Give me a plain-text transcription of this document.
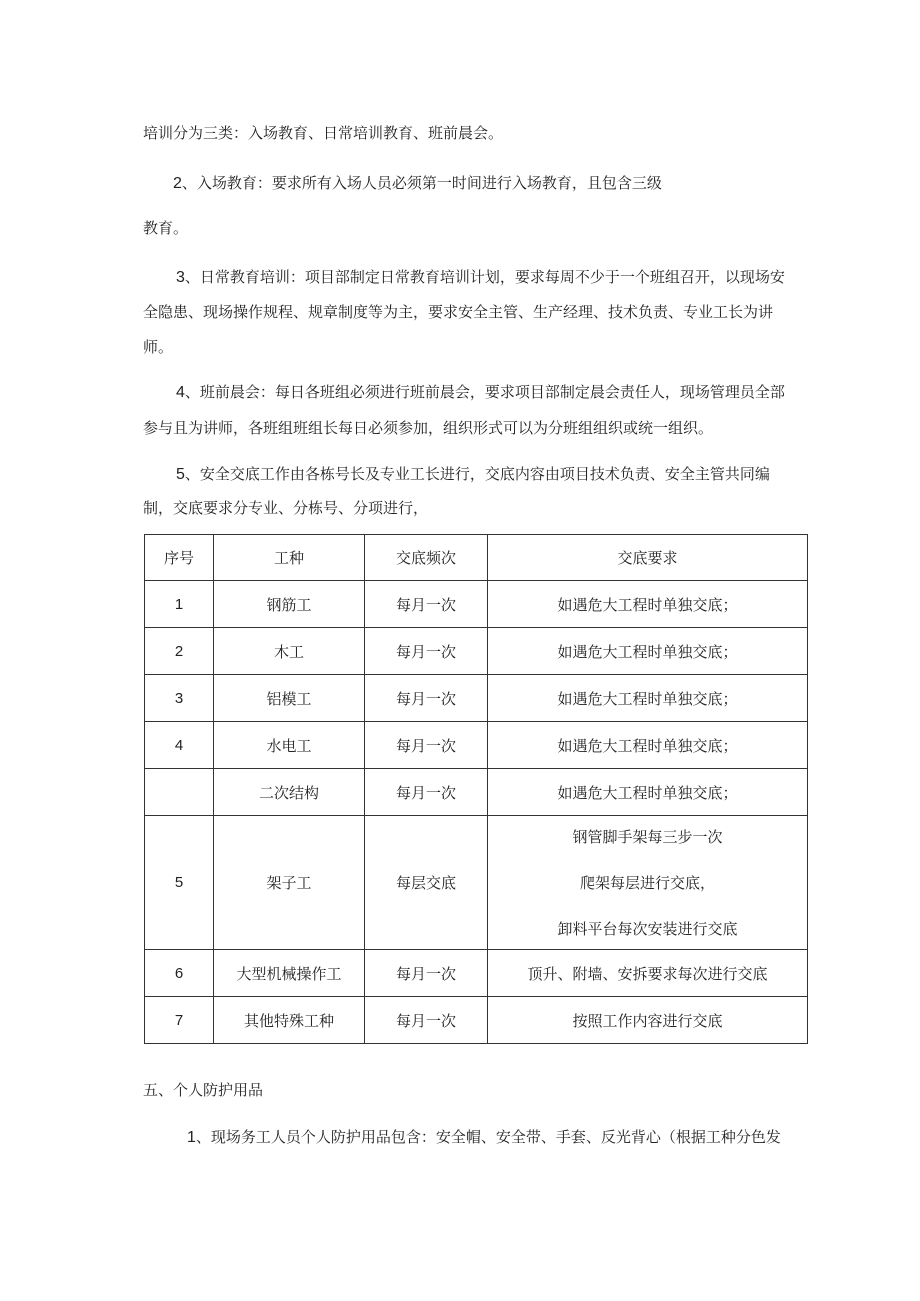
培训分为三类：入场教育、日常培训教育、班前晨会。
2、入场教育：要求所有入场人员必须第一时间进行入场教育，且包含三级
教育。
3、日常教育培训：项目部制定日常教育培训计划，要求每周不少于一个班组召开，以现场安
全隐患、现场操作规程、规章制度等为主，要求安全主管、生产经理、技术负责、专业工长为讲
师。
4、班前晨会：每日各班组必须进行班前晨会，要求项目部制定晨会责任人，现场管理员全部
参与且为讲师，各班组班组长每日必须参加，组织形式可以为分班组组织或统一组织。
5、安全交底工作由各栋号长及专业工长进行，交底内容由项目技术负责、安全主管共同编
制，交底要求分专业、分栋号、分项进行，
序号	工种	交底频次	交底要求
1	钢筋工	每月一次	如遇危大工程时单独交底；
2	木工	每月一次	如遇危大工程时单独交底；
3	铝模工	每月一次	如遇危大工程时单独交底；
4	水电工	每月一次	如遇危大工程时单独交底；
	二次结构	每月一次	如遇危大工程时单独交底；
5	架子工	每层交底	钢管脚手架每三步一次
爬架每层进行交底，
卸料平台每次安装进行交底

6	大型机械操作工	每月一次	顶升、附墙、安拆要求每次进行交底
7	其他特殊工种	每月一次	按照工作内容进行交底
五、个人防护用品
1、现场务工人员个人防护用品包含：安全帽、安全带、手套、反光背心（根据工种分色发
